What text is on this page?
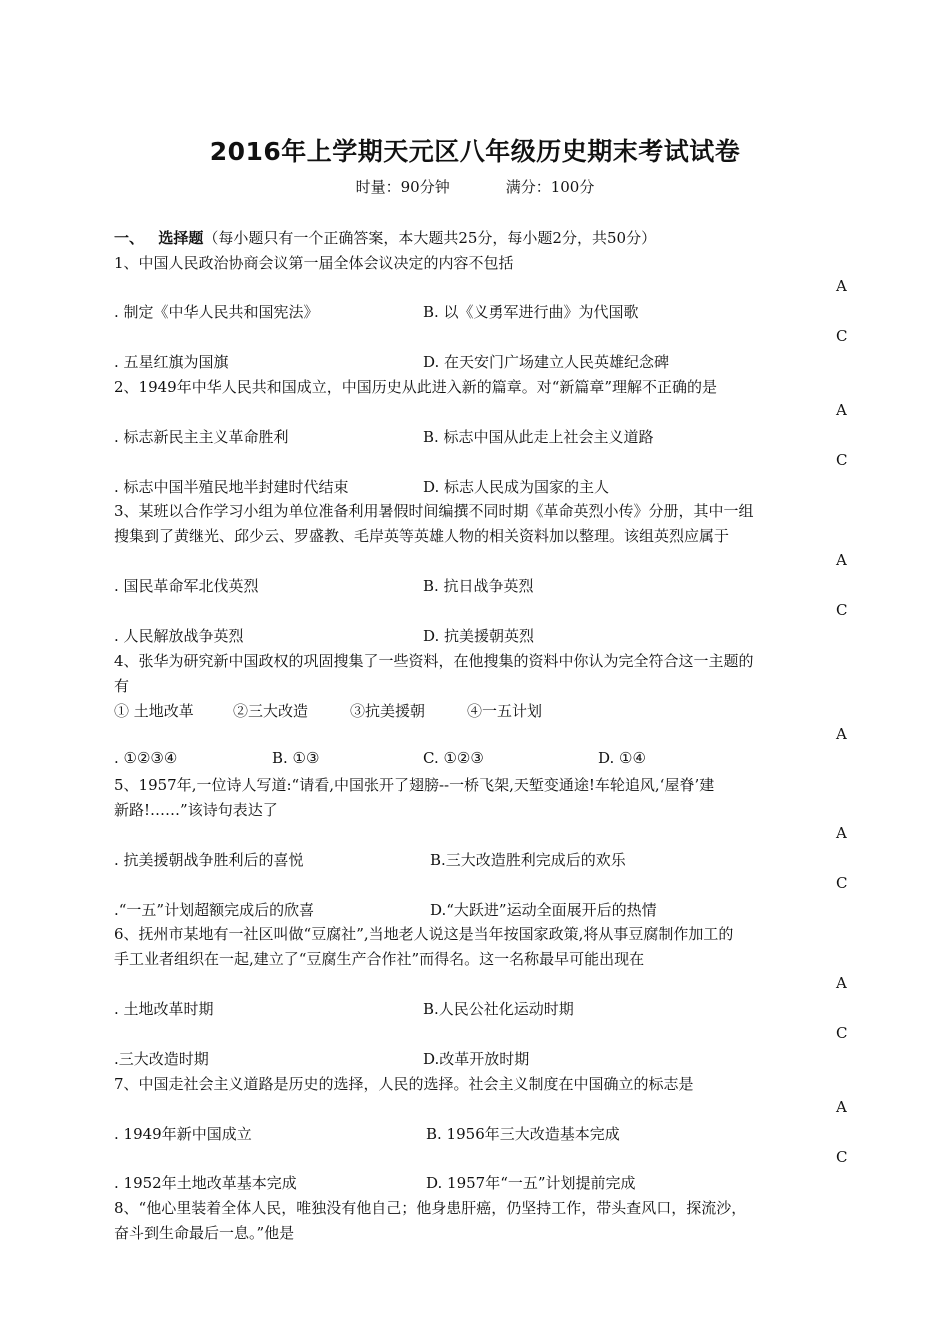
2016年上学期天元区八年级历史期末考试试卷
时量：90分钟	满分：100分
一、 选择题（每小题只有一个正确答案，本大题共25分，每小题2分，共50分）
1、中国人民政治协商会议第一届全体会议决定的内容不包括
A
. 制定《中华人民共和国宪法》	B. 以《义勇军进行曲》为代国歌
C
. 五星红旗为国旗	D. 在天安门广场建立人民英雄纪念碑
2、1949年中华人民共和国成立，中国历史从此进入新的篇章。对“新篇章”理解不正确的是
A
. 标志新民主主义革命胜利	B. 标志中国从此走上社会主义道路
C
. 标志中国半殖民地半封建时代结束	D. 标志人民成为国家的主人
3、某班以合作学习小组为单位准备利用暑假时间编撰不同时期《革命英烈小传》分册，其中一组
搜集到了黄继光、邱少云、罗盛教、毛岸英等英雄人物的相关资料加以整理。该组英烈应属于
A
. 国民革命军北伐英烈	B. 抗日战争英烈
C
. 人民解放战争英烈	D. 抗美援朝英烈
4、张华为研究新中国政权的巩固搜集了一些资料，在他搜集的资料中你认为完全符合这一主题的
有
① 土地改革	②三大改造	③抗美援朝	④一五计划
A
. ①②③④	B. ①③	C. ①②③	D. ①④
5、1957年,一位诗人写道:“请看,中国张开了翅膀--一桥飞架,天堑变通途!车轮追风,‘屋脊’建
新路!……”该诗句表达了
A
. 抗美援朝战争胜利后的喜悦	B.三大改造胜利完成后的欢乐
C
.“一五”计划超额完成后的欣喜	D.“大跃进”运动全面展开后的热情
6、抚州市某地有一社区叫做“豆腐社”,当地老人说这是当年按国家政策,将从事豆腐制作加工的
手工业者组织在一起,建立了“豆腐生产合作社”而得名。这一名称最早可能出现在
A
. 土地改革时期	B.人民公社化运动时期
C
.三大改造时期	D.改革开放时期
7、中国走社会主义道路是历史的选择，人民的选择。社会主义制度在中国确立的标志是
A
. 1949年新中国成立	B. 1956年三大改造基本完成
C
. 1952年土地改革基本完成	D. 1957年“一五”计划提前完成
8、“他心里装着全体人民，唯独没有他自己；他身患肝癌，仍坚持工作，带头查风口，探流沙，
奋斗到生命最后一息。”他是
